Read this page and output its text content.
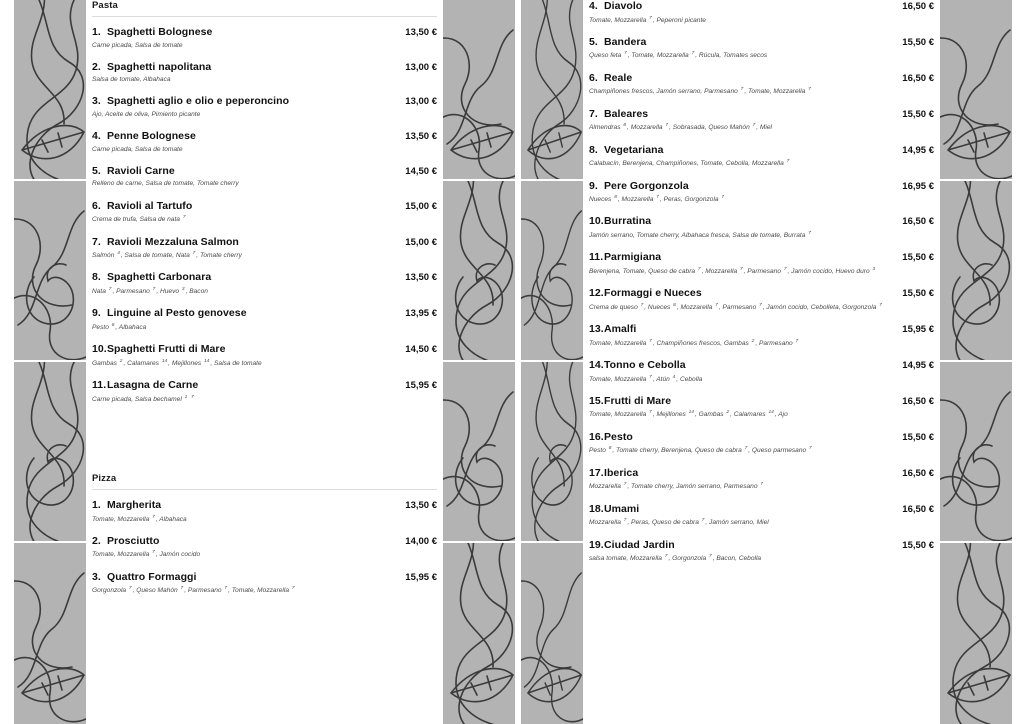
Pasta
1. Spaghetti Bolognese	13,50 €
Carne picada, Salsa de tomate
2. Spaghetti napolitana	13,00 €
Salsa de tomate, Albahaca
3. Spaghetti aglio e olio e peperoncino	13,00 €
Ajo, Aceite de oliva, Pimiento picante
4. Penne Bolognese	13,50 €
Carne picada, Salsa de tomate
5. Ravioli Carne	14,50 €
Relleno de carne, Salsa de tomate, Tomate cherry
6. Ravioli al Tartufo	15,00 €
Crema de trufa, Salsa de nata $^7$
7. Ravioli Mezzaluna Salmon	15,00 €
Salmón $^4$, Salsa de tomate, Nata $^7$, Tomate cherry
8. Spaghetti Carbonara	13,50 €
Nata $^7$, Parmesano $^7$, Huevo $^3$, Bacon
9. Linguine al Pesto genovese	13,95 €
Pesto $^8$, Albahaca
10.Spaghetti Frutti di Mare	14,50 €
Gambas $^2$, Calamares $^{14}$, Mejillones $^{14}$, Salsa de tomate
11.Lasagna de Carne	15,95 €
Carne picada, Salsa bechamel $^1$ $^7$
Pizza
1. Margherita	13,50 €
Tomate, Mozzarella $^7$, Albahaca
2. Prosciutto	14,00 €
Tomate, Mozzarella $^7$, Jamón cocido
3. Quattro Formaggi	15,95 €
Gorgonzola $^7$, Queso Mahón $^7$, Parmesano $^7$, Tomate, Mozzarella $^7$
4. Diavolo	16,50 €
Tomate, Mozzarella $^7$, Peperoni picante
5. Bandera	15,50 €
Queso feta $^7$, Tomate, Mozzarella $^7$, Rúcula, Tomates secos
6. Reale	16,50 €
Champiñones frescos, Jamón serrano, Parmesano $^7$, Tomate, Mozzarella $^7$
7. Baleares	15,50 €
Almendras $^8$, Mozzarella $^7$, Sobrasada, Queso Mahón $^7$, Miel
8. Vegetariana	14,95 €
Calabacín, Berenjena, Champiñones, Tomate, Cebolla, Mozzarella $^7$
9. Pere Gorgonzola	16,95 €
Nueces $^8$, Mozzarella $^7$, Peras, Gorgonzola $^7$
10.Burratina	16,50 €
Jamón serrano, Tomate cherry, Albahaca fresca, Salsa de tomate, Burrata $^7$
11.Parmigiana	15,50 €
Berenjena, Tomate, Queso de cabra $^7$, Mozzarella $^7$, Parmesano $^7$, Jamón cocido, Huevo duro $^3$
12.Formaggi e Nueces	15,50 €
Crema de queso $^7$, Nueces $^8$, Mozzarella $^7$, Parmesano $^7$, Jamón cocido, Cebolleta, Gorgonzola $^7$
13.Amalfi	15,95 €
Tomate, Mozzarella $^7$, Champiñones frescos, Gambas $^2$, Parmesano $^7$
14.Tonno e Cebolla	14,95 €
Tomate, Mozzarella $^7$, Atún $^4$, Cebolla
15.Frutti di Mare	16,50 €
Tomate, Mozzarella $^7$, Mejillones $^{14}$, Gambas $^2$, Calamares $^{14}$, Ajo
16.Pesto	15,50 €
Pesto $^8$, Tomate cherry, Berenjena, Queso de cabra $^7$, Queso parmesano $^7$
17.Iberica	16,50 €
Mozzarella $^7$, Tomate cherry, Jamón serrano, Parmesano $^7$
18.Umami	16,50 €
Mozzarella $^7$, Peras, Queso de cabra $^7$, Jamón serrano, Miel
19.Ciudad Jardin	15,50 €
salsa tomate, Mozzarella $^7$, Gorgonzola $^7$, Bacon, Cebolla
